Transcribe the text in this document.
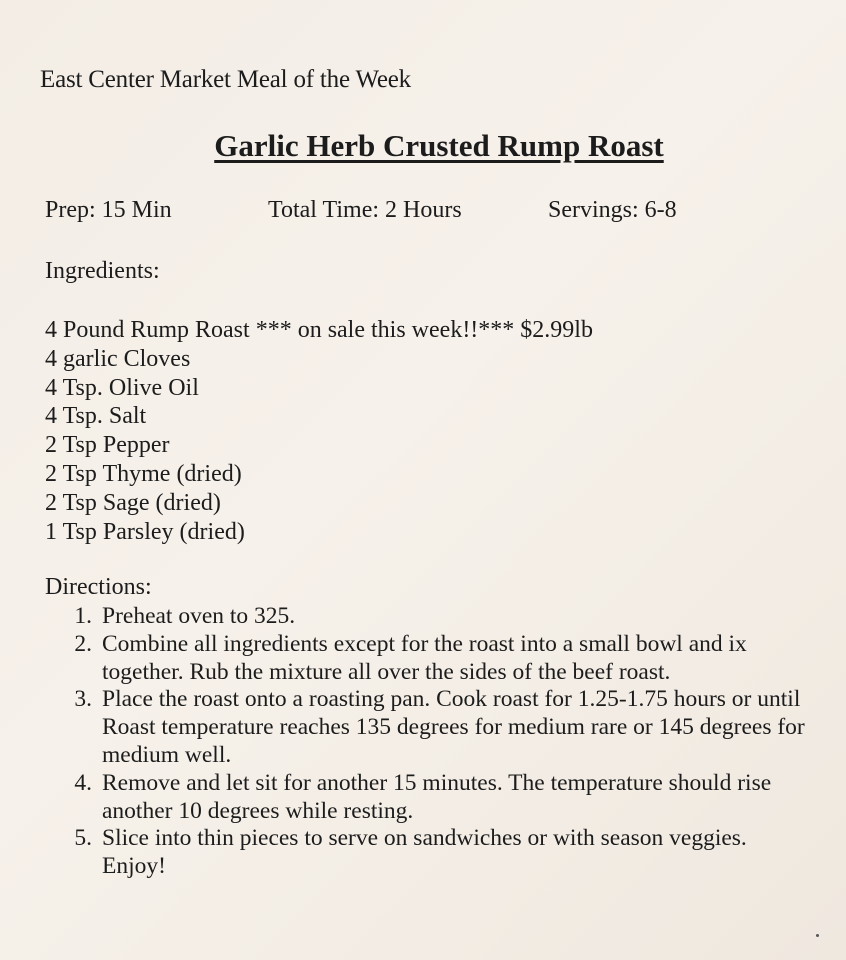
East Center Market Meal of the Week
Garlic Herb Crusted Rump Roast
Prep: 15 Min	Total Time: 2 Hours	Servings: 6-8
Ingredients:
4 Pound Rump Roast *** on sale this week!!*** $2.99lb
4 garlic Cloves
4 Tsp. Olive Oil
4 Tsp. Salt
2 Tsp Pepper
2 Tsp Thyme (dried)
2 Tsp Sage (dried)
1 Tsp Parsley (dried)
Directions:
1. Preheat oven to 325.
2. Combine all ingredients except for the roast into a small bowl and ix together. Rub the mixture all over the sides of the beef roast.
3. Place the roast onto a roasting pan. Cook roast for 1.25-1.75 hours or until Roast temperature reaches 135 degrees for medium rare or 145 degrees for medium well.
4. Remove and let sit for another 15 minutes. The temperature should rise another 10 degrees while resting.
5. Slice into thin pieces to serve on sandwiches or with season veggies. Enjoy!
